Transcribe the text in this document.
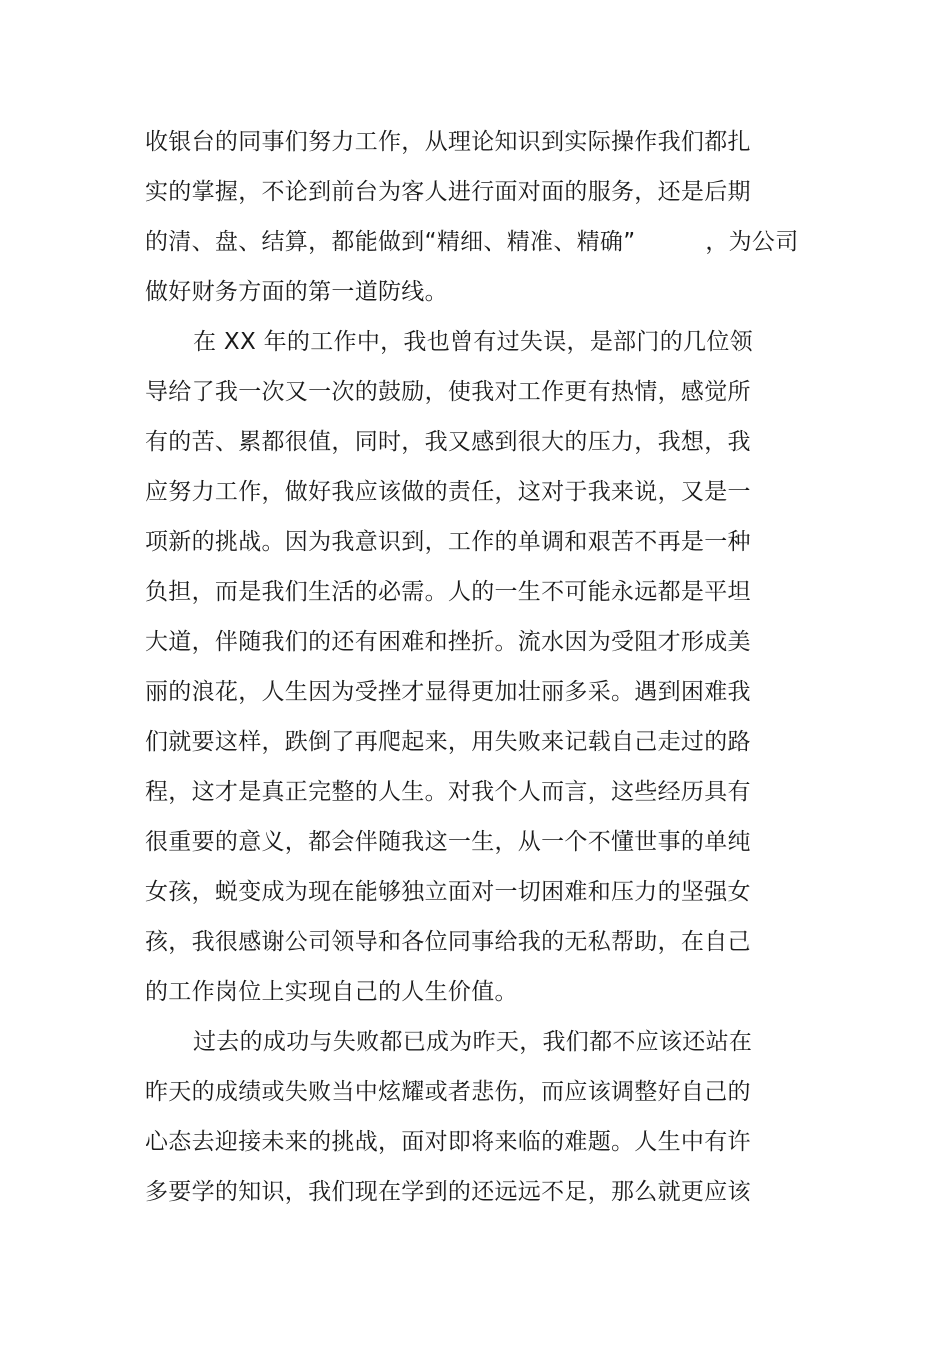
收银台的同事们努力工作，从理论知识到实际操作我们都扎
实的掌握，不论到前台为客人进行面对面的服务，还是后期
的清、盘、结算，都能做到“精细、精准、精确”　　　，为公司
做好财务方面的第一道防线。
在 XX 年的工作中，我也曾有过失误，是部门的几位领
导给了我一次又一次的鼓励，使我对工作更有热情，感觉所
有的苦、累都很值，同时，我又感到很大的压力，我想，我
应努力工作，做好我应该做的责任，这对于我来说，又是一
项新的挑战。因为我意识到，工作的单调和艰苦不再是一种
负担，而是我们生活的必需。人的一生不可能永远都是平坦
大道，伴随我们的还有困难和挫折。流水因为受阻才形成美
丽的浪花，人生因为受挫才显得更加壮丽多采。遇到困难我
们就要这样，跌倒了再爬起来，用失败来记载自己走过的路
程，这才是真正完整的人生。对我个人而言，这些经历具有
很重要的意义，都会伴随我这一生，从一个不懂世事的单纯
女孩，蜕变成为现在能够独立面对一切困难和压力的坚强女
孩，我很感谢公司领导和各位同事给我的无私帮助，在自己
的工作岗位上实现自己的人生价值。
过去的成功与失败都已成为昨天，我们都不应该还站在
昨天的成绩或失败当中炫耀或者悲伤，而应该调整好自己的
心态去迎接未来的挑战，面对即将来临的难题。人生中有许
多要学的知识，我们现在学到的还远远不足，那么就更应该
